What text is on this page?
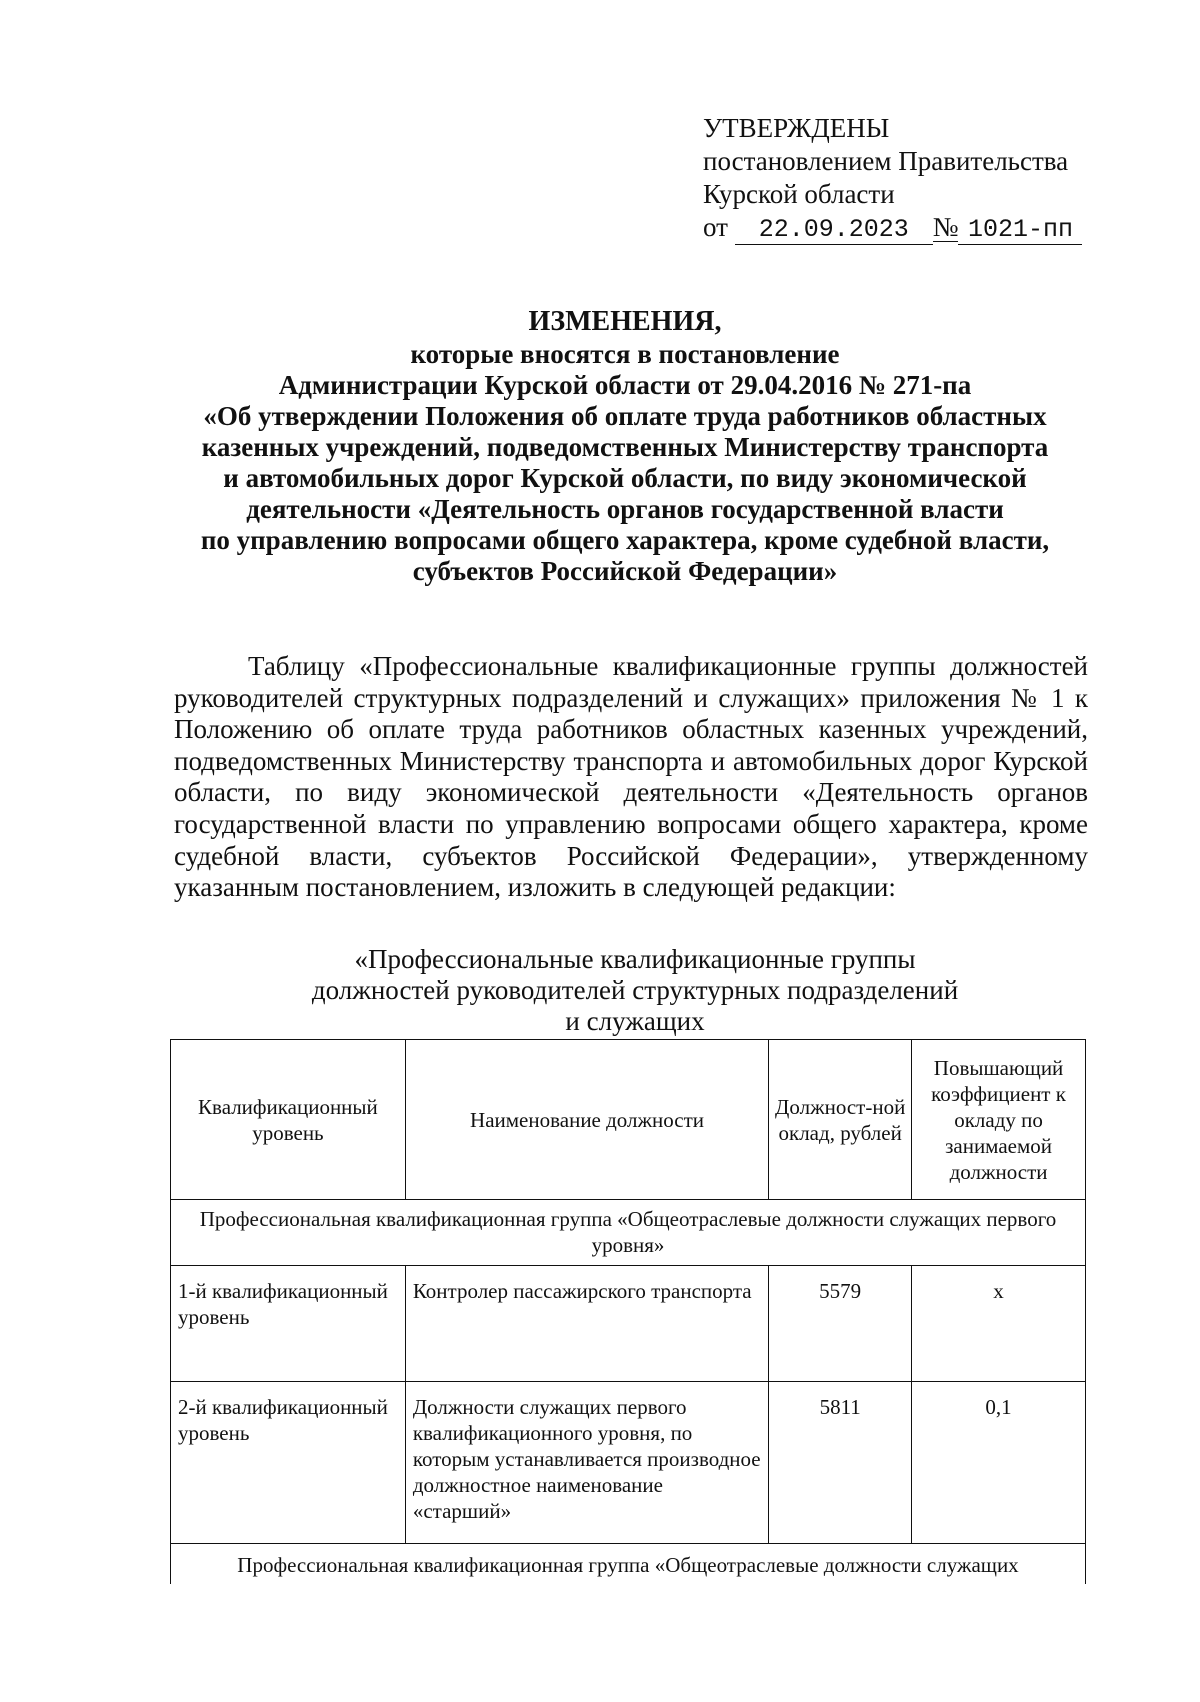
УТВЕРЖДЕНЫ
постановлением Правительства
Курской области
от 22.09.2023 № 1021-пп
ИЗМЕНЕНИЯ,
которые вносятся в постановление
Администрации Курской области от 29.04.2016 № 271-па
«Об утверждении Положения об оплате труда работников областных
казенных учреждений, подведомственных Министерству транспорта
и автомобильных дорог Курской области, по виду экономической
деятельности «Деятельность органов государственной власти
по управлению вопросами общего характера, кроме судебной власти,
субъектов Российской Федерации»
Таблицу «Профессиональные квалификационные группы должностей руководителей структурных подразделений и служащих» приложения № 1 к Положению об оплате труда работников областных казенных учреждений, подведомственных Министерству транспорта и автомобильных дорог Курской области, по виду экономической деятельности «Деятельность органов государственной власти по управлению вопросами общего характера, кроме судебной власти, субъектов Российской Федерации», утвержденному указанным постановлением, изложить в следующей редакции:
«Профессиональные квалификационные группы
должностей руководителей структурных подразделений
и служащих
Квалификационный уровень	Наименование должности	Должност-ной оклад, рублей	Повышающий коэффициент к окладу по занимаемой должности
Профессиональная квалификационная группа «Общеотраслевые должности служащих первого уровня»			
1-й квалификационный уровень	Контролер пассажирского транспорта	5579	х
2-й квалификационный уровень	Должности служащих первого квалификационного уровня, по которым устанавливается производное должностное наименование «старший»	5811	0,1
Профессиональная квалификационная группа «Общеотраслевые должности служащих			
